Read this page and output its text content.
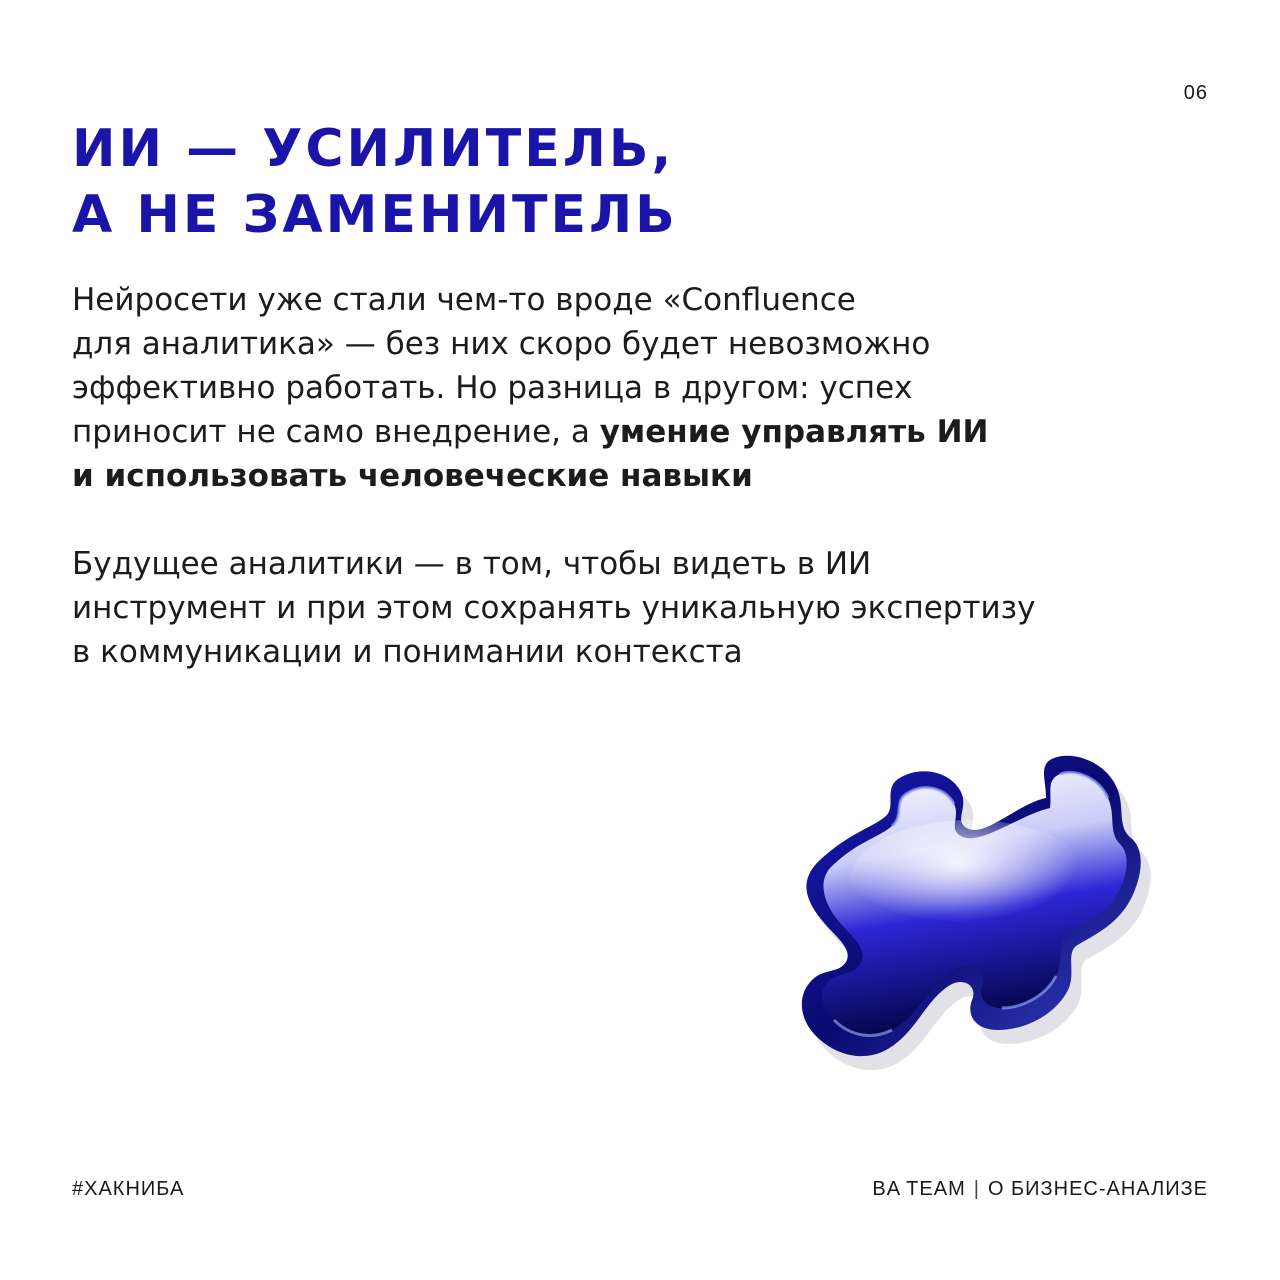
06
ИИ — УСИЛИТЕЛЬ,
А НЕ ЗАМЕНИТЕЛЬ

Нейросети уже стали чем-то вроде «Confluence
для аналитика» — без них скоро будет невозможно
эффективно работать. Но разница в другом: успех
приносит не само внедрение, а умение управлять ИИ
и использовать человеческие навыки

Будущее аналитики — в том, чтобы видеть в ИИ
инструмент и при этом сохранять уникальную экспертизу
в коммуникации и понимании контекста

#ХАКНИБА	BA TEAM | О БИЗНЕС-АНАЛИЗЕ
